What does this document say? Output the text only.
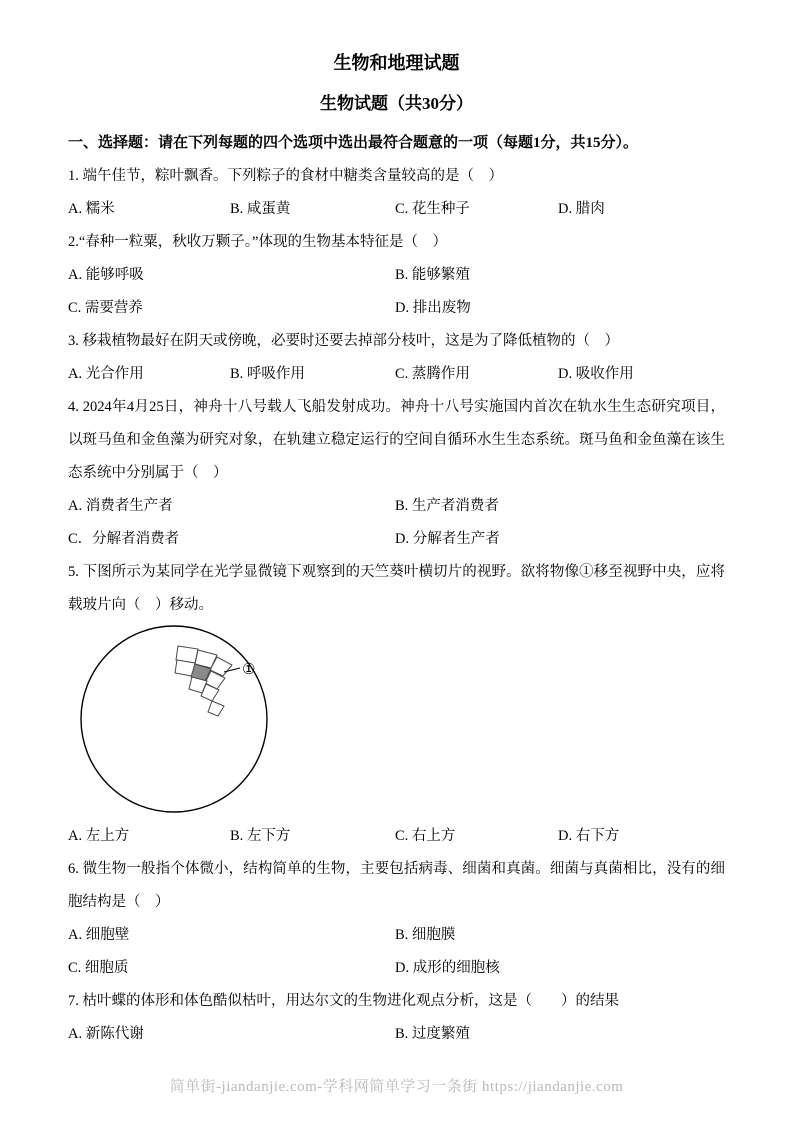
生物和地理试题
生物试题（共30分）
一、选择题：请在下列每题的四个选项中选出最符合题意的一项（每题1分，共15分）。
1. 端午佳节，粽叶飘香。下列粽子的食材中糖类含量较高的是（　）
A. 糯米	B. 咸蛋黄	C. 花生种子	D. 腊肉
2.“春种一粒粟，秋收万颗子。”体现的生物基本特征是（　）
A. 能够呼吸	B. 能够繁殖
C. 需要营养	D. 排出废物
3. 移栽植物最好在阴天或傍晚，必要时还要去掉部分枝叶，这是为了降低植物的（　）
A. 光合作用	B. 呼吸作用	C. 蒸腾作用	D. 吸收作用
4. 2024年4月25日，神舟十八号载人飞船发射成功。神舟十八号实施国内首次在轨水生生态研究项目，以斑马鱼和金鱼藻为研究对象，在轨建立稳定运行的空间自循环水生生态系统。斑马鱼和金鱼藻在该生态系统中分别属于（　）
A. 消费者生产者	B. 生产者消费者
C．分解者消费者	D. 分解者生产者
5. 下图所示为某同学在光学显微镜下观察到的天竺葵叶横切片的视野。欲将物像①移至视野中央，应将载玻片向（　）移动。
①
A. 左上方	B. 左下方	C. 右上方	D. 右下方
6. 微生物一般指个体微小，结构简单的生物，主要包括病毒、细菌和真菌。细菌与真菌相比，没有的细胞结构是（　）
A. 细胞壁	B. 细胞膜
C. 细胞质	D. 成形的细胞核
7. 枯叶蝶的体形和体色酷似枯叶，用达尔文的生物进化观点分析，这是（　　）的结果
A. 新陈代谢	B. 过度繁殖
简单街-jiandanjie.com-学科网简单学习一条街 https://jiandanjie.com
